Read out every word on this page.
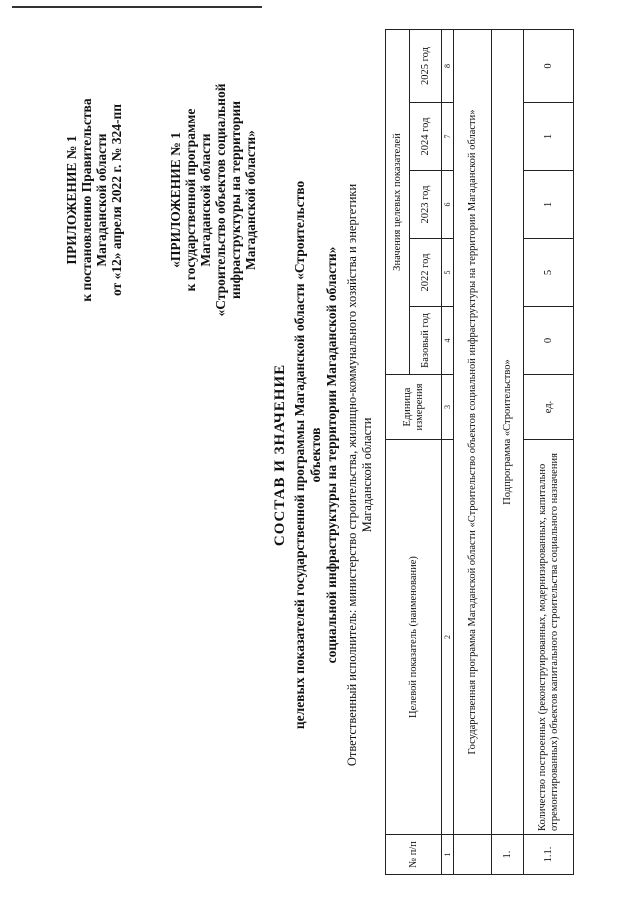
ПРИЛОЖЕНИЕ № 1 к постановлению Правительства Магаданской области от «12» апреля 2022 г. № 324-пп	«ПРИЛОЖЕНИЕ № 1 к государственной программе Магаданской области «Строительство объектов социальной инфраструктуры на территории Магаданской области»
СОСТАВ И ЗНАЧЕНИЕ целевых показателей государственной программы Магаданской области «Строительство объектов социальной инфраструктуры на территории Магаданской области» Ответственный исполнитель: министерство строительства, жилищно-коммунального хозяйства и энергетики Магаданской области
№ п/п	Целевой показатель (наименование)	Единица измерения	Значения целевых показателей				
			Базовый год	2022 год	2023 год	2024 год	2025 год
1	2	3	4	5	6	7	8
	Государственная программа Магаданской области «Строительство объектов социальной инфраструктуры на территории Магаданской области»						
1.	Подпрограмма «Строительство»						
1.1.	Количество построенных (реконструированных, модернизированных, капитально отремонтированных) объектов капитального строительства социального назначения	ед.	0	5	1	1	0
